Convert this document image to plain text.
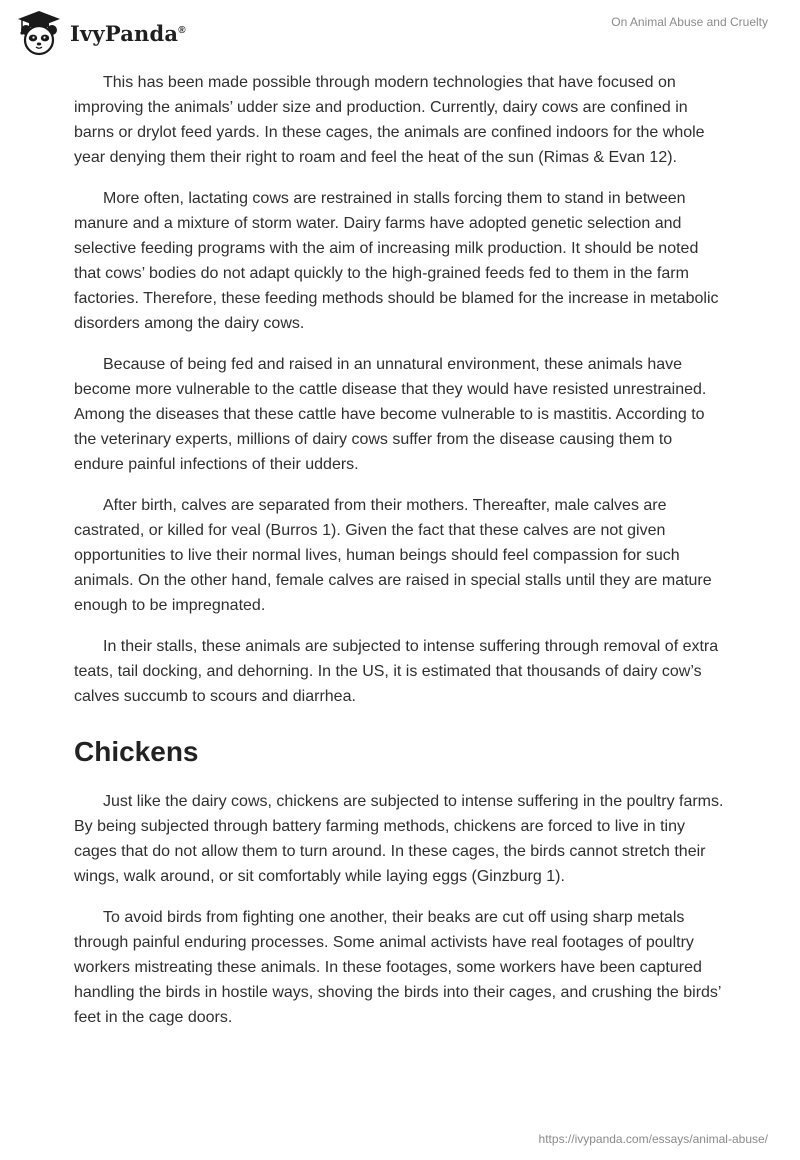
IvyPanda®
On Animal Abuse and Cruelty

This has been made possible through modern technologies that have focused on improving the animals’ udder size and production. Currently, dairy cows are confined in barns or drylot feed yards. In these cages, the animals are confined indoors for the whole year denying them their right to roam and feel the heat of the sun (Rimas & Evan 12).

More often, lactating cows are restrained in stalls forcing them to stand in between manure and a mixture of storm water. Dairy farms have adopted genetic selection and selective feeding programs with the aim of increasing milk production. It should be noted that cows’ bodies do not adapt quickly to the high-grained feeds fed to them in the farm factories. Therefore, these feeding methods should be blamed for the increase in metabolic disorders among the dairy cows.

Because of being fed and raised in an unnatural environment, these animals have become more vulnerable to the cattle disease that they would have resisted unrestrained. Among the diseases that these cattle have become vulnerable to is mastitis. According to the veterinary experts, millions of dairy cows suffer from the disease causing them to endure painful infections of their udders.

After birth, calves are separated from their mothers. Thereafter, male calves are castrated, or killed for veal (Burros 1). Given the fact that these calves are not given opportunities to live their normal lives, human beings should feel compassion for such animals. On the other hand, female calves are raised in special stalls until they are mature enough to be impregnated.

In their stalls, these animals are subjected to intense suffering through removal of extra teats, tail docking, and dehorning. In the US, it is estimated that thousands of dairy cow’s calves succumb to scours and diarrhea.

Chickens

Just like the dairy cows, chickens are subjected to intense suffering in the poultry farms. By being subjected through battery farming methods, chickens are forced to live in tiny cages that do not allow them to turn around. In these cages, the birds cannot stretch their wings, walk around, or sit comfortably while laying eggs (Ginzburg 1).

To avoid birds from fighting one another, their beaks are cut off using sharp metals through painful enduring processes. Some animal activists have real footages of poultry workers mistreating these animals. In these footages, some workers have been captured handling the birds in hostile ways, shoving the birds into their cages, and crushing the birds’ feet in the cage doors.

https://ivypanda.com/essays/animal-abuse/
